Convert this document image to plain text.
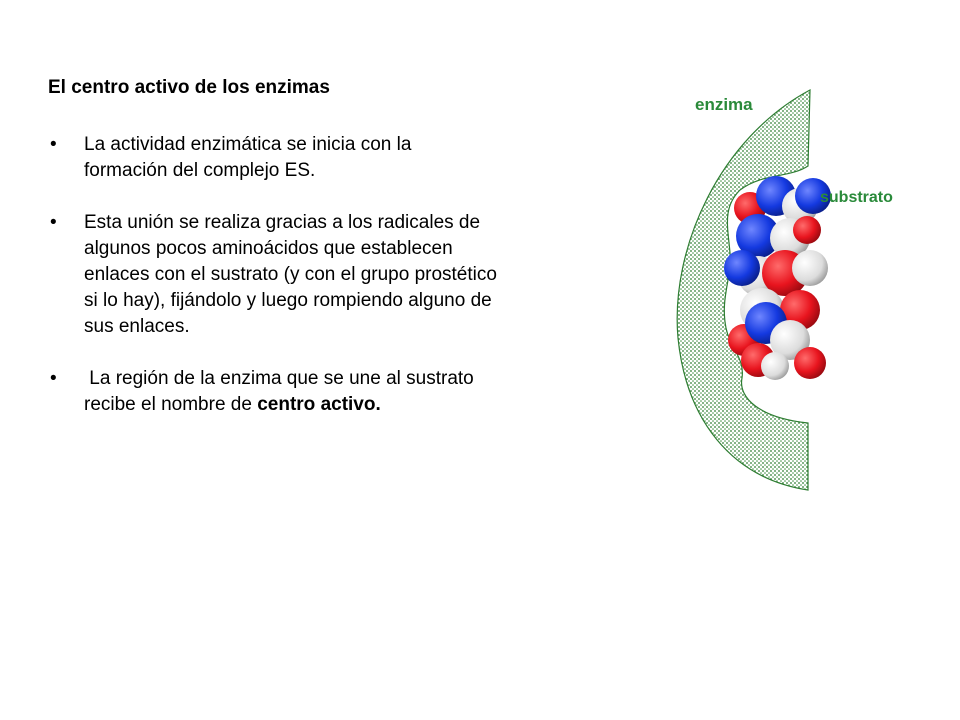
El centro activo de los enzimas
• La actividad enzimática se inicia con la
formación del complejo ES.
• Esta unión se realiza gracias a los radicales de
algunos pocos aminoácidos que establecen
enlaces con el sustrato (y con el grupo prostético
si lo hay), fijándolo y luego rompiendo alguno de
sus enlaces.
• La región de la enzima que se une al sustrato
recibe el nombre de centro activo.
enzima
substrato
